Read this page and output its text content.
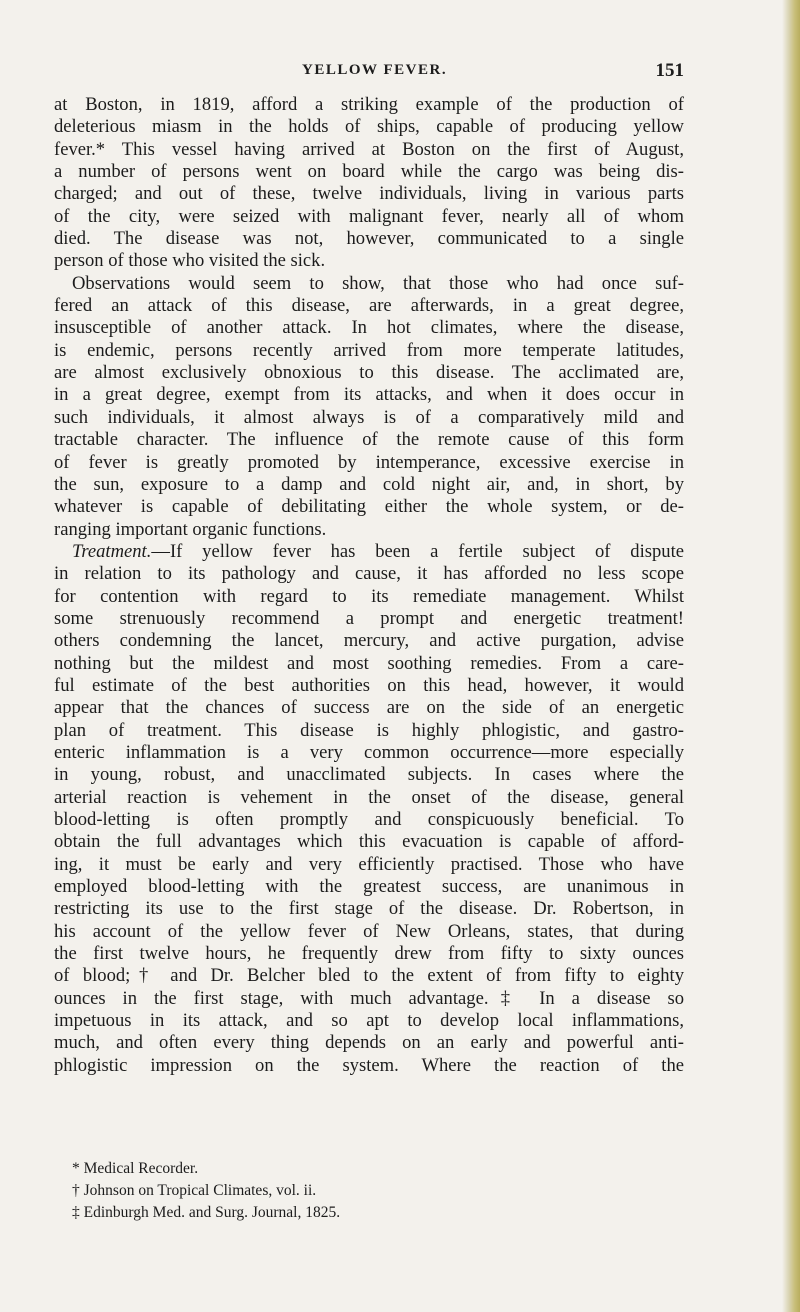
YELLOW FEVER.	151
at Boston, in 1819, afford a striking example of the production of
deleterious miasm in the holds of ships, capable of producing yellow
fever.* This vessel having arrived at Boston on the first of August,
a number of persons went on board while the cargo was being dis-
charged; and out of these, twelve individuals, living in various parts
of the city, were seized with malignant fever, nearly all of whom
died. The disease was not, however, communicated to a single
person of those who visited the sick.
Observations would seem to show, that those who had once suf-
fered an attack of this disease, are afterwards, in a great degree,
insusceptible of another attack. In hot climates, where the disease,
is endemic, persons recently arrived from more temperate latitudes,
are almost exclusively obnoxious to this disease. The acclimated are,
in a great degree, exempt from its attacks, and when it does occur in
such individuals, it almost always is of a comparatively mild and
tractable character. The influence of the remote cause of this form
of fever is greatly promoted by intemperance, excessive exercise in
the sun, exposure to a damp and cold night air, and, in short, by
whatever is capable of debilitating either the whole system, or de-
ranging important organic functions.
Treatment.—If yellow fever has been a fertile subject of dispute
in relation to its pathology and cause, it has afforded no less scope
for contention with regard to its remediate management. Whilst
some strenuously recommend a prompt and energetic treatment!
others condemning the lancet, mercury, and active purgation, advise
nothing but the mildest and most soothing remedies. From a care-
ful estimate of the best authorities on this head, however, it would
appear that the chances of success are on the side of an energetic
plan of treatment. This disease is highly phlogistic, and gastro-
enteric inflammation is a very common occurrence—more especially
in young, robust, and unacclimated subjects. In cases where the
arterial reaction is vehement in the onset of the disease, general
blood-letting is often promptly and conspicuously beneficial. To
obtain the full advantages which this evacuation is capable of afford-
ing, it must be early and very efficiently practised. Those who have
employed blood-letting with the greatest success, are unanimous in
restricting its use to the first stage of the disease. Dr. Robertson, in
his account of the yellow fever of New Orleans, states, that during
the first twelve hours, he frequently drew from fifty to sixty ounces
of blood;† and Dr. Belcher bled to the extent of from fifty to eighty
ounces in the first stage, with much advantage.‡ In a disease so
impetuous in its attack, and so apt to develop local inflammations,
much, and often every thing depends on an early and powerful anti-
phlogistic impression on the system. Where the reaction of the
* Medical Recorder.
† Johnson on Tropical Climates, vol. ii.
‡ Edinburgh Med. and Surg. Journal, 1825.
